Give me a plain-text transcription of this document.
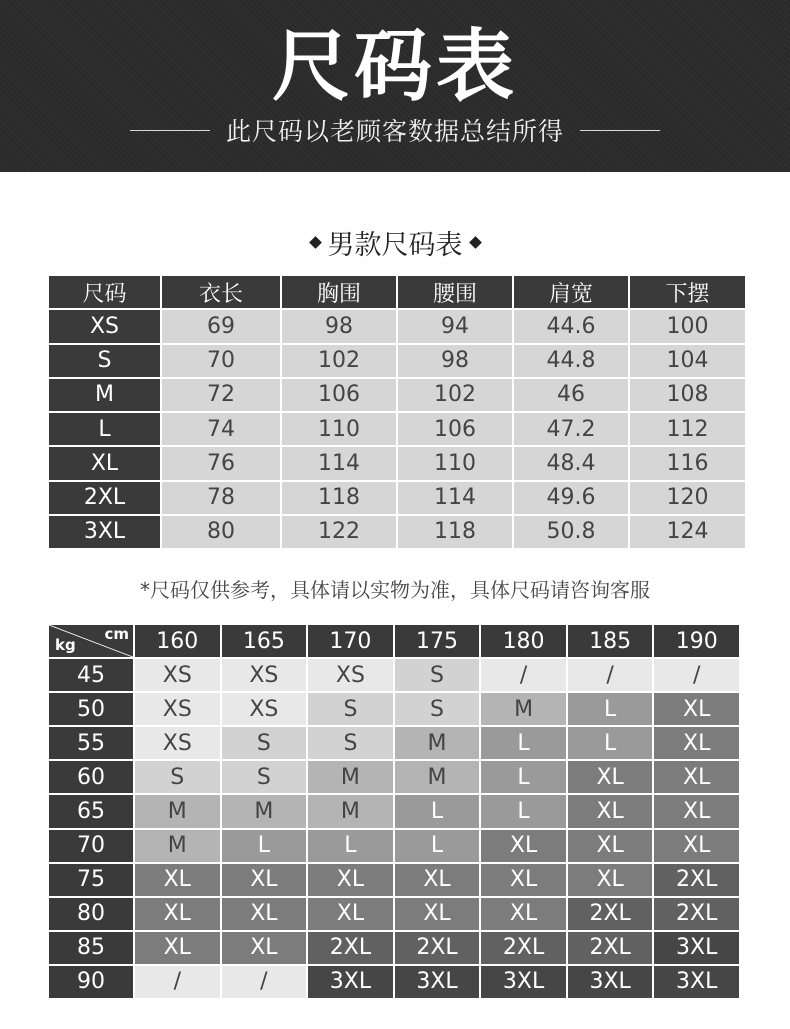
尺码表
此尺码以老顾客数据总结所得
男款尺码表
尺码	衣长	胸围	腰围	肩宽	下摆
XS	69	98	94	44.6	100
S	70	102	98	44.8	104
M	72	106	102	46	108
L	74	110	106	47.2	112
XL	76	114	110	48.4	116
2XL	78	118	114	49.6	120
3XL	80	122	118	50.8	124
*尺码仅供参考，具体请以实物为准，具体尺码请咨询客服
cm
kg	160	165	170	175	180	185	190
45	XS	XS	XS	S	/	/	/
50	XS	XS	S	S	M	L	XL
55	XS	S	S	M	L	L	XL
60	S	S	M	M	L	XL	XL
65	M	M	M	L	L	XL	XL
70	M	L	L	L	XL	XL	XL
75	XL	XL	XL	XL	XL	XL	2XL
80	XL	XL	XL	XL	XL	2XL	2XL
85	XL	XL	2XL	2XL	2XL	2XL	3XL
90	/	/	3XL	3XL	3XL	3XL	3XL
